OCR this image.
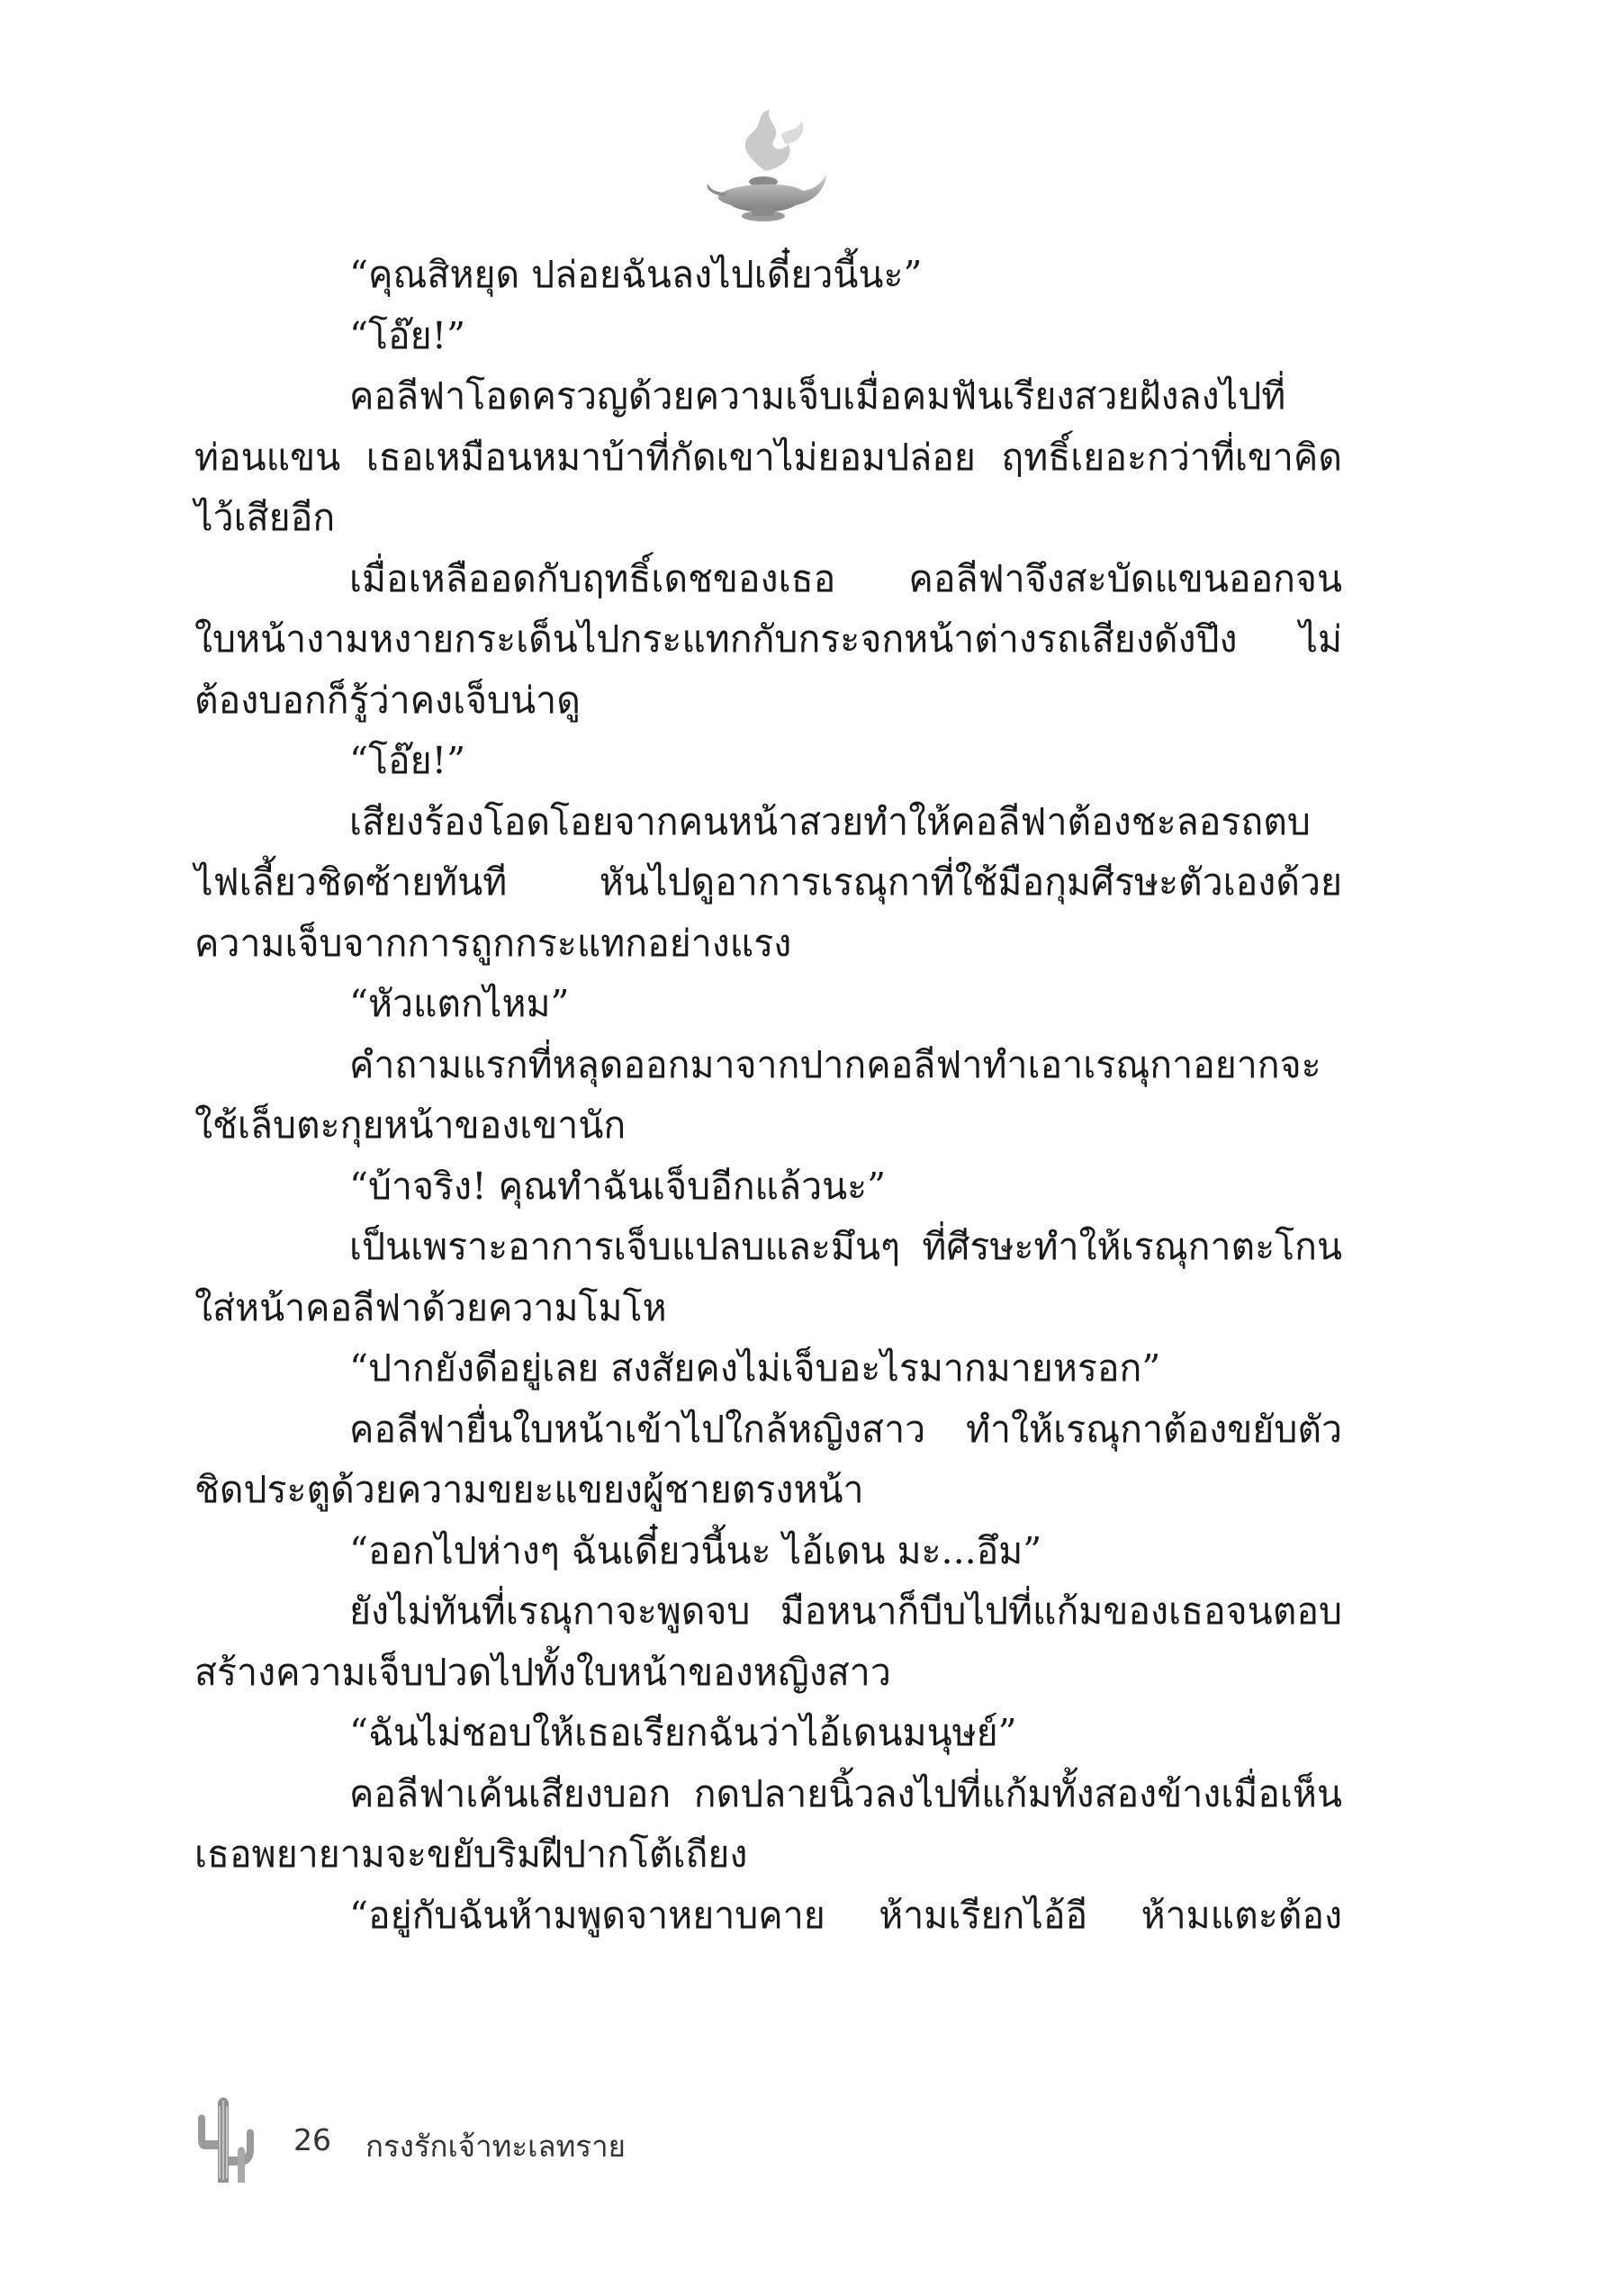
“คุณสิหยุด ปล่อยฉันลงไปเดี๋ยวนี้นะ”

“โอ๊ย!”

คอลีฟาโอดครวญด้วยความเจ็บเมื่อคมฟันเรียงสวยฝังลงไปที่ท่อนแขน เธอเหมือนหมาบ้าที่กัดเขาไม่ยอมปล่อย ฤทธิ์เยอะกว่าที่เขาคิดไว้เสียอีก

เมื่อเหลืออดกับฤทธิ์เดชของเธอ คอลีฟาจึงสะบัดแขนออกจนใบหน้างามหงายกระเด็นไปกระแทกกับกระจกหน้าต่างรถเสียงดังปึง ไม่ต้องบอกก็รู้ว่าคงเจ็บน่าดู

“โอ๊ย!”

เสียงร้องโอดโอยจากคนหน้าสวยทำให้คอลีฟาต้องชะลอรถตบไฟเลี้ยวชิดซ้ายทันที หันไปดูอาการเรณุกาที่ใช้มือกุมศีรษะตัวเองด้วยความเจ็บจากการถูกกระแทกอย่างแรง

“หัวแตกไหม”

คำถามแรกที่หลุดออกมาจากปากคอลีฟาทำเอาเรณุกาอยากจะใช้เล็บตะกุยหน้าของเขานัก

“บ้าจริง! คุณทำฉันเจ็บอีกแล้วนะ”

เป็นเพราะอาการเจ็บแปลบและมึนๆ ที่ศีรษะทำให้เรณุกาตะโกนใส่หน้าคอลีฟาด้วยความโมโห

“ปากยังดีอยู่เลย สงสัยคงไม่เจ็บอะไรมากมายหรอก”

คอลีฟายื่นใบหน้าเข้าไปใกล้หญิงสาว ทำให้เรณุกาต้องขยับตัวชิดประตูด้วยความขยะแขยงผู้ชายตรงหน้า

“ออกไปห่างๆ ฉันเดี๋ยวนี้นะ ไอ้เดน มะ...อึม”

ยังไม่ทันที่เรณุกาจะพูดจบ มือหนาก็บีบไปที่แก้มของเธอจนตอบ สร้างความเจ็บปวดไปทั้งใบหน้าของหญิงสาว

“ฉันไม่ชอบให้เธอเรียกฉันว่าไอ้เดนมนุษย์”

คอลีฟาเค้นเสียงบอก กดปลายนิ้วลงไปที่แก้มทั้งสองข้างเมื่อเห็นเธอพยายามจะขยับริมฝีปากโต้เถียง

“อยู่กับฉันห้ามพูดจาหยาบคาย ห้ามเรียกไอ้อี ห้ามแตะต้อง

26 กรงรักเจ้าทะเลทราย
